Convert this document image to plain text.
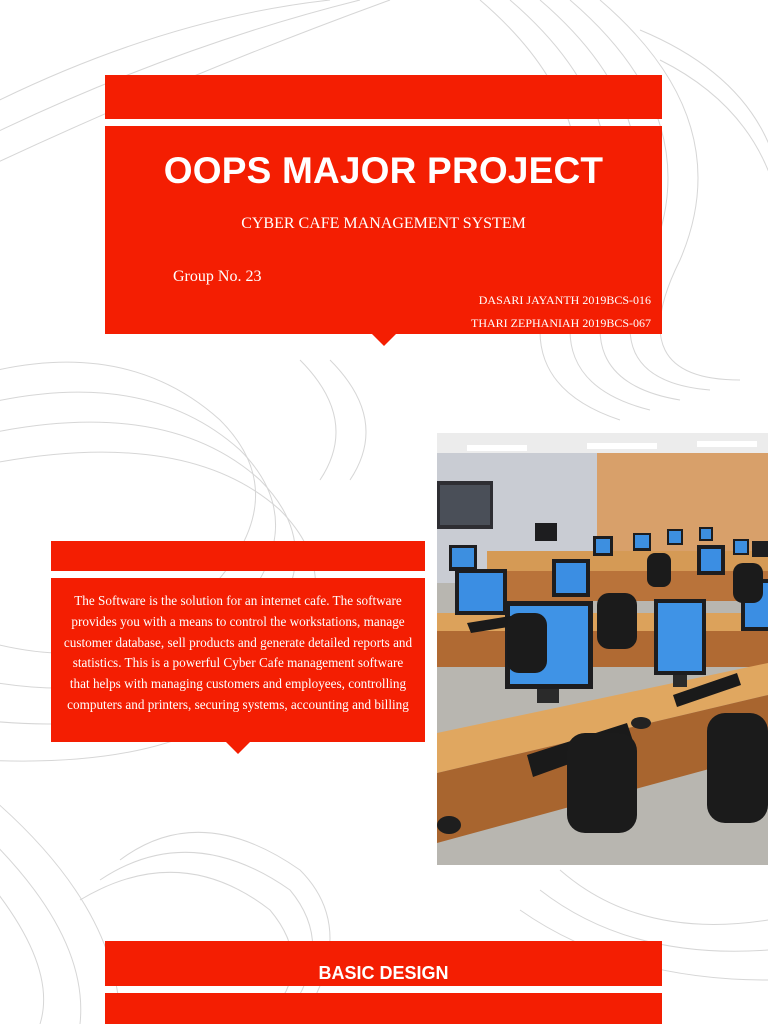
OOPS MAJOR PROJECT
CYBER CAFE MANAGEMENT SYSTEM
Group No. 23
DASARI JAYANTH 2019BCS-016
THARI ZEPHANIAH 2019BCS-067
The Software is the solution for an internet cafe. The software provides you with a means to control the workstations, manage customer database, sell products and generate detailed reports and statistics. This is a powerful Cyber Cafe management software that helps with managing customers and employees, controlling computers and printers, securing systems, accounting and billing
BASIC DESIGN
